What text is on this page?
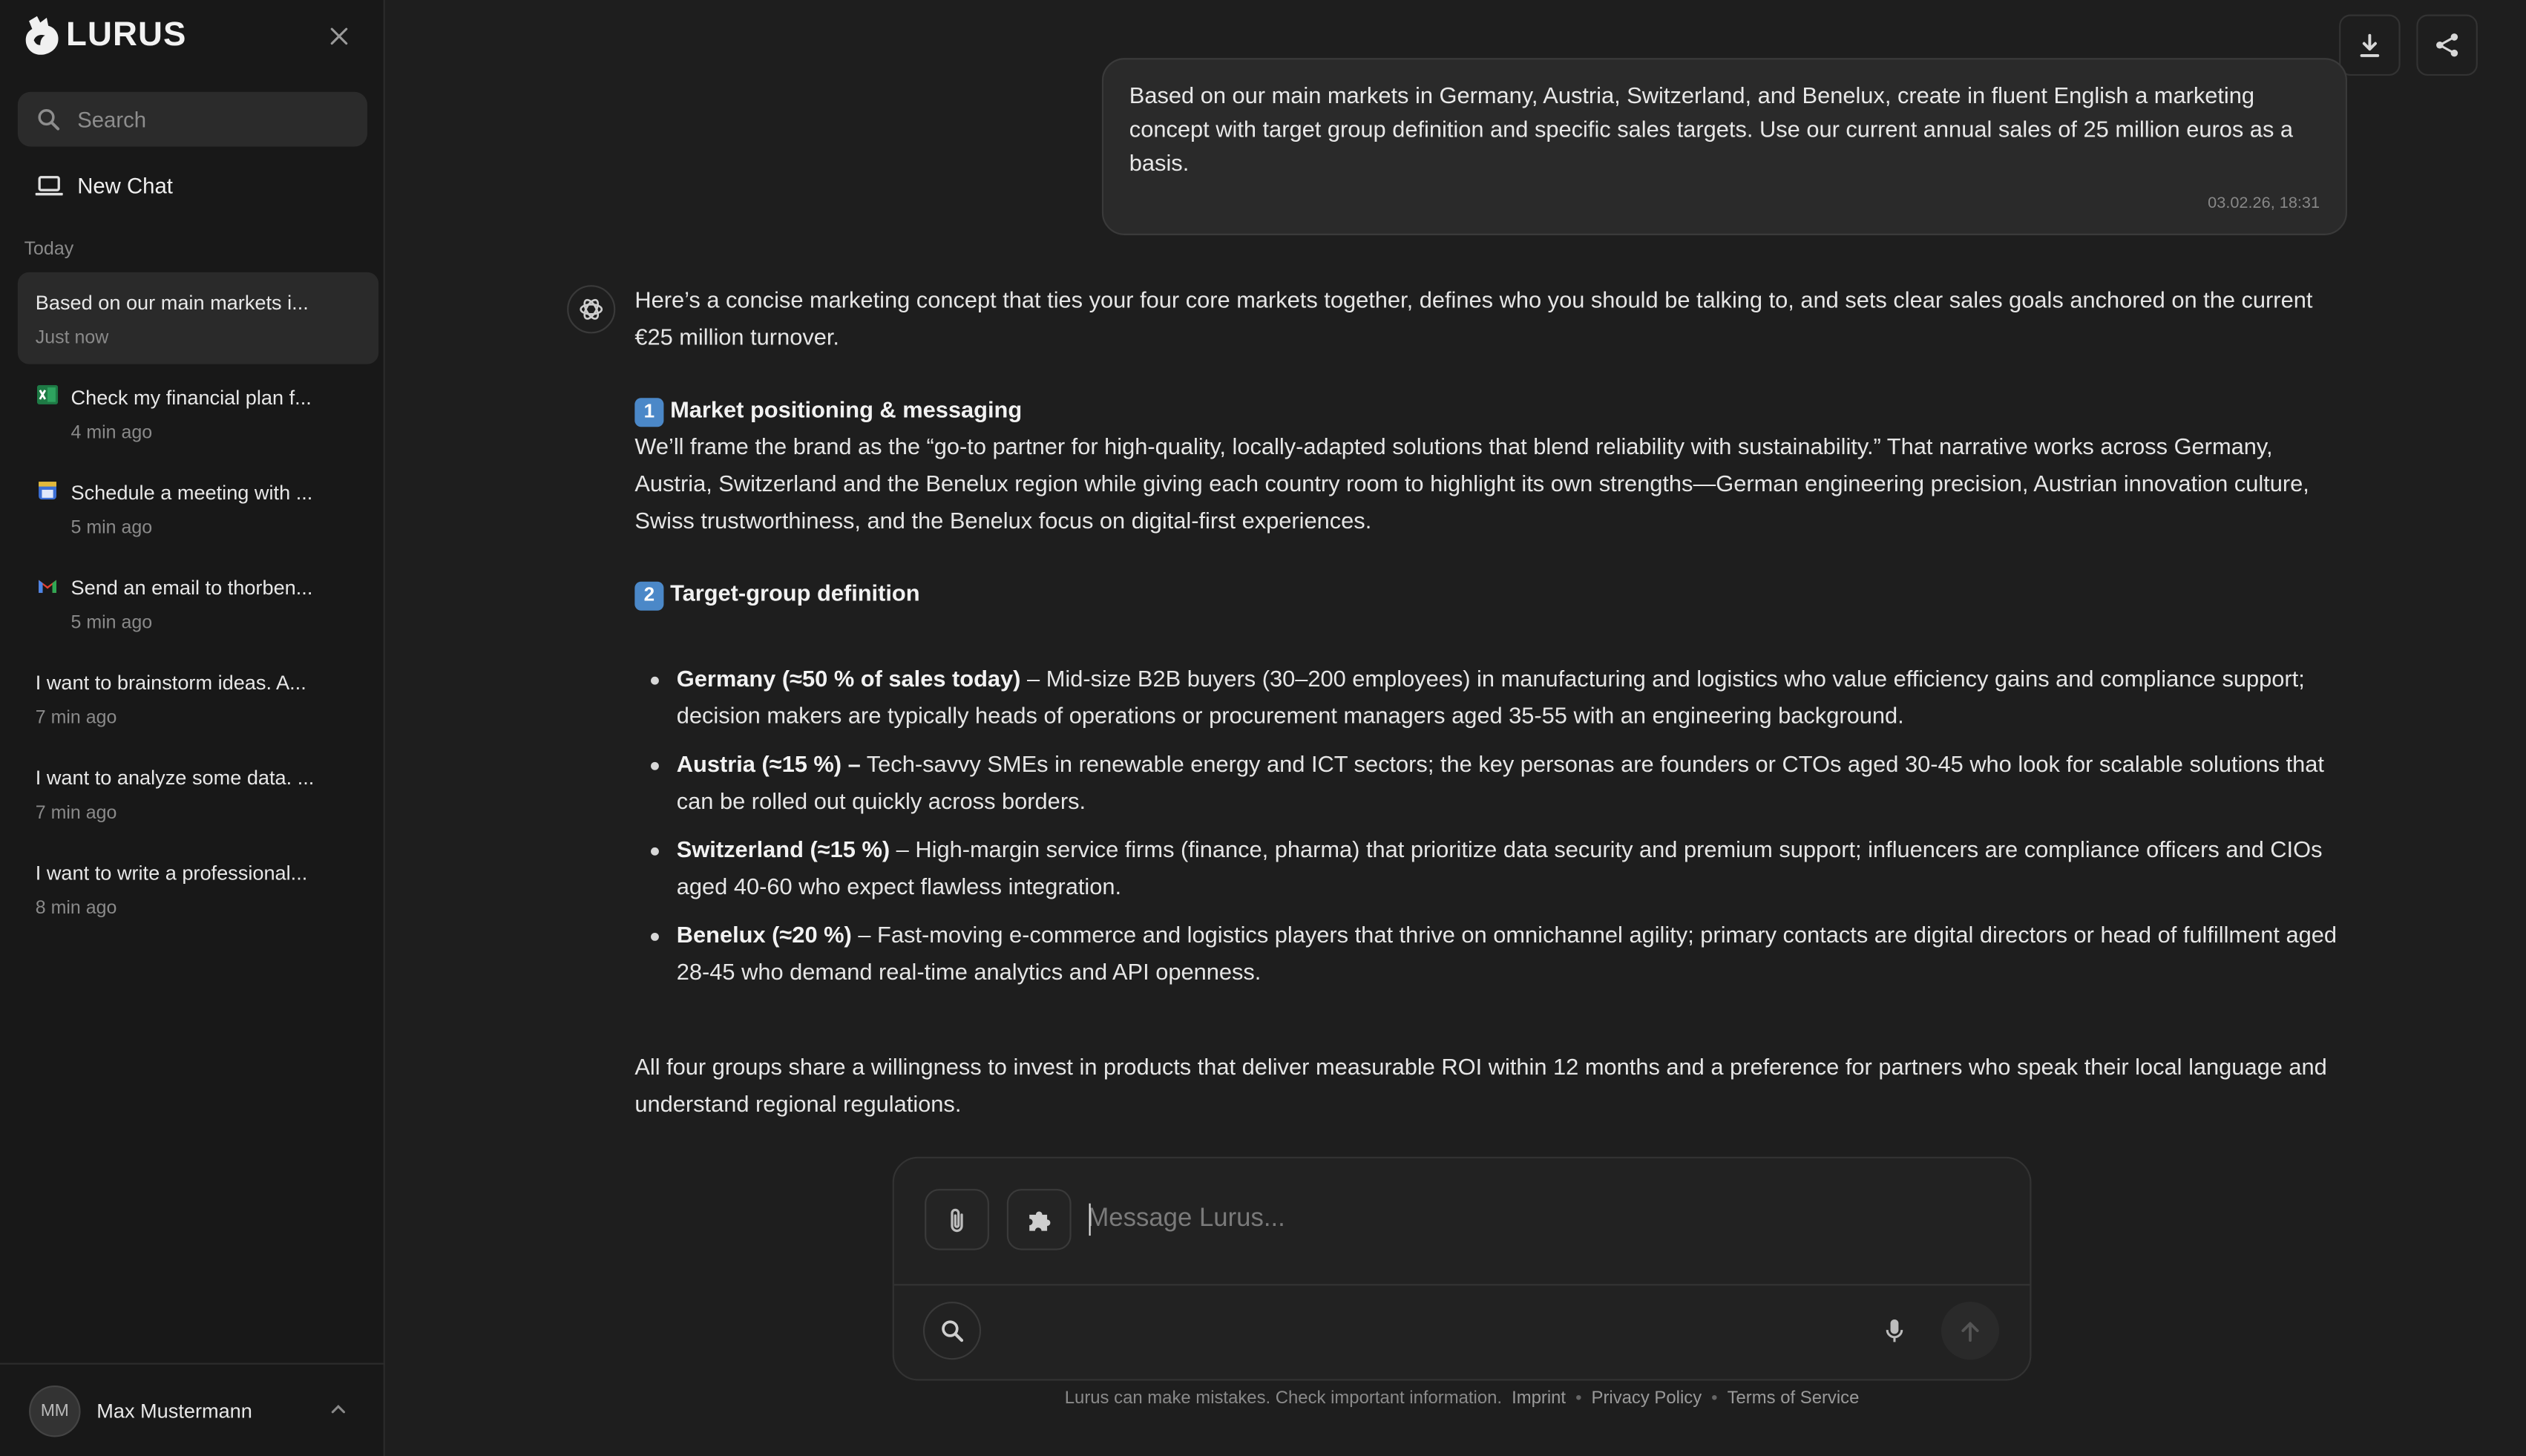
LURUS
Search
New Chat
Today
Based on our main markets i...
Just now
Check my financial plan f...
4 min ago
Schedule a meeting with ...
5 min ago
Send an email to thorben...
5 min ago
I want to brainstorm ideas. A...
7 min ago
I want to analyze some data. ...
7 min ago
I want to write a professional...
8 min ago
MM	Max Mustermann

Based on our main markets in Germany, Austria, Switzerland, and Benelux, create in fluent English a marketing concept with target group definition and specific sales targets. Use our current annual sales of 25 million euros as a basis.

03.02.26, 18:31

Here’s a concise marketing concept that ties your four core markets together, defines who you should be talking to, and sets clear sales goals anchored on the current €25 million turnover.

1	Market positioning & messaging

We’ll frame the brand as the “go-to partner for high-quality, locally-adapted solutions that blend reliability with sustainability.” That narrative works across Germany, Austria, Switzerland and the Benelux region while giving each country room to highlight its own strengths—German engineering precision, Austrian innovation culture, Swiss trustworthiness, and the Benelux focus on digital-first experiences.

2	Target-group definition
Germany (≈50 % of sales today) – Mid-size B2B buyers (30–200 employees) in manufacturing and logistics who value efficiency gains and compliance support; decision makers are typically heads of operations or procurement managers aged 35-55 with an engineering background.
Austria (≈15 %) – Tech-savvy SMEs in renewable energy and ICT sectors; the key personas are founders or CTOs aged 30-45 who look for scalable solutions that can be rolled out quickly across borders.
Switzerland (≈15 %) – High-margin service firms (finance, pharma) that prioritize data security and premium support; influencers are compliance officers and CIOs aged 40-60 who expect flawless integration.
Benelux (≈20 %) – Fast-moving e-commerce and logistics players that thrive on omnichannel agility; primary contacts are digital directors or head of fulfillment aged 28-45 who demand real-time analytics and API openness.

All four groups share a willingness to invest in products that deliver measurable ROI within 12 months and a preference for partners who speak their local language and understand regional regulations.

Message Lurus...
Lurus can make mistakes. Check important information. Imprint • Privacy Policy • Terms of Service
